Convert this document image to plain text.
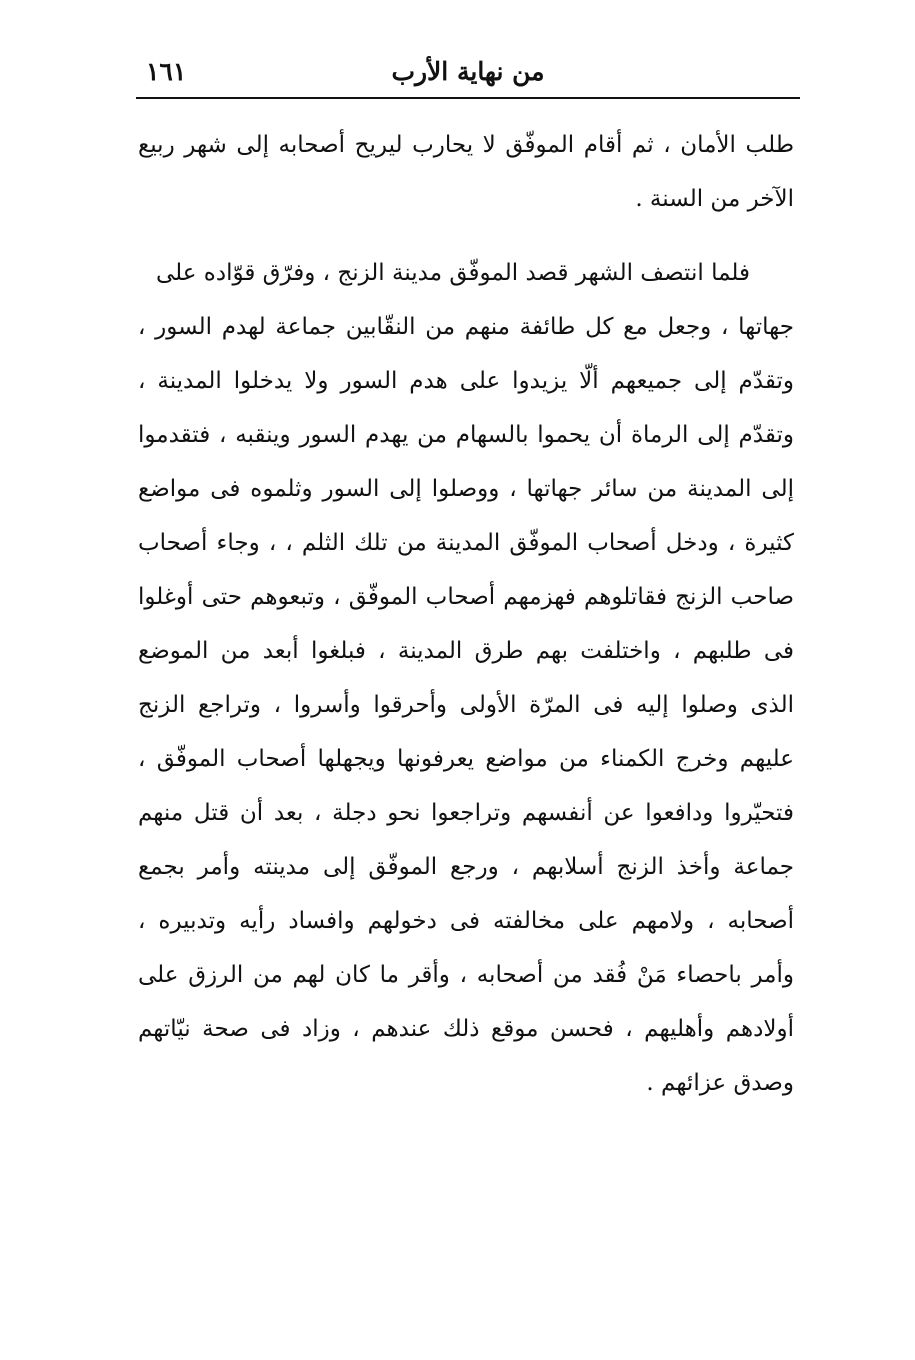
من نهاية الأرب
١٦١
طلب الأمان ، ثم أقام الموفّق لا يحارب ليريح أصحابه إلى شهر ربيع
الآخر من السنة .
فلما انتصف الشهر قصد الموفّق مدينة الزنج ، وفرّق قوّاده على
جهاتها ، وجعل مع كل طائفة منهم من النقّابين جماعة لهدم السور ،
وتقدّم إلى جميعهم ألّا يزيدوا على هدم السور ولا يدخلوا المدينة ،
وتقدّم إلى الرماة أن يحموا بالسهام من يهدم السور وينقبه ، فتقدموا
إلى المدينة من سائر جهاتها ، ووصلوا إلى السور وثلموه فى مواضع
كثيرة ، ودخل أصحاب الموفّق المدينة من تلك الثلم ، ، وجاء أصحاب
صاحب الزنج فقاتلوهم فهزمهم أصحاب الموفّق ، وتبعوهم حتى أوغلوا
فى طلبهم ، واختلفت بهم طرق المدينة ، فبلغوا أبعد من الموضع
الذى وصلوا إليه فى المرّة الأولى وأحرقوا وأسروا ، وتراجع الزنج
عليهم وخرج الكمناء من مواضع يعرفونها ويجهلها أصحاب الموفّق ،
فتحيّروا ودافعوا عن أنفسهم وتراجعوا نحو دجلة ، بعد أن قتل منهم
جماعة وأخذ الزنج أسلابهم ، ورجع الموفّق إلى مدينته وأمر بجمع
أصحابه ، ولامهم على مخالفته فى دخولهم وافساد رأيه وتدبيره ،
وأمر باحصاء مَنْ فُقد من أصحابه ، وأقر ما كان لهم من الرزق على
أولادهم وأهليهم ، فحسن موقع ذلك عندهم ، وزاد فى صحة نيّاتهم
وصدق عزائهم .
